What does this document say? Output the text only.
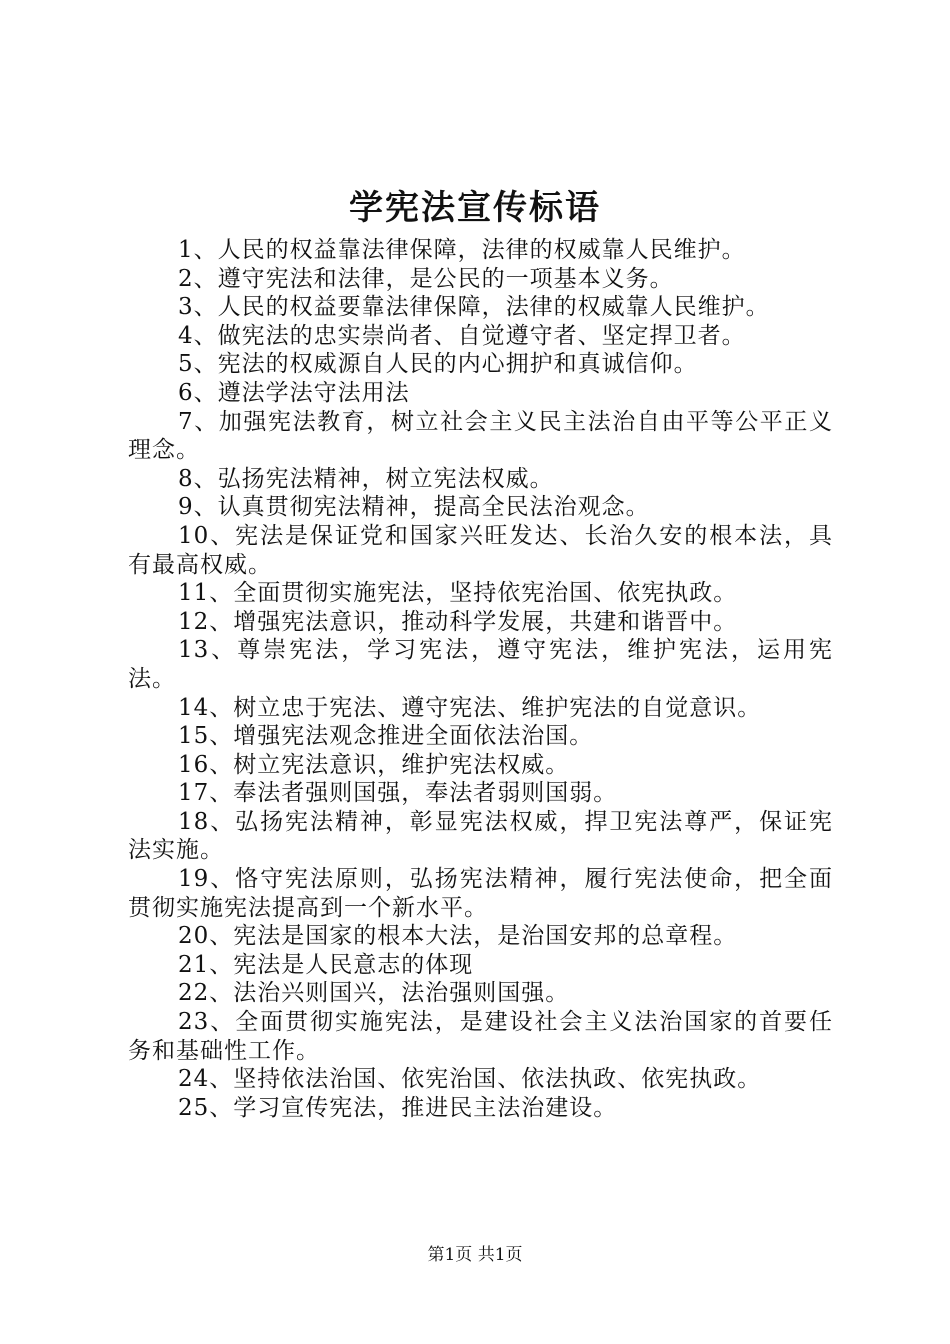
学宪法宣传标语

1、人民的权益靠法律保障，法律的权威靠人民维护。

2、遵守宪法和法律，是公民的一项基本义务。

3、人民的权益要靠法律保障，法律的权威靠人民维护。

4、做宪法的忠实崇尚者、自觉遵守者、坚定捍卫者。

5、宪法的权威源自人民的内心拥护和真诚信仰。

6、遵法学法守法用法

7、加强宪法教育，树立社会主义民主法治自由平等公平正义理念。

8、弘扬宪法精神，树立宪法权威。

9、认真贯彻宪法精神，提高全民法治观念。

10、宪法是保证党和国家兴旺发达、长治久安的根本法，具有最高权威。

11、全面贯彻实施宪法，坚持依宪治国、依宪执政。

12、增强宪法意识，推动科学发展，共建和谐晋中。

13、尊崇宪法，学习宪法，遵守宪法，维护宪法，运用宪法。

14、树立忠于宪法、遵守宪法、维护宪法的自觉意识。

15、增强宪法观念推进全面依法治国。

16、树立宪法意识，维护宪法权威。

17、奉法者强则国强，奉法者弱则国弱。

18、弘扬宪法精神，彰显宪法权威，捍卫宪法尊严，保证宪法实施。

19、恪守宪法原则，弘扬宪法精神，履行宪法使命，把全面贯彻实施宪法提高到一个新水平。

20、宪法是国家的根本大法，是治国安邦的总章程。

21、宪法是人民意志的体现

22、法治兴则国兴，法治强则国强。

23、全面贯彻实施宪法，是建设社会主义法治国家的首要任务和基础性工作。

24、坚持依法治国、依宪治国、依法执政、依宪执政。

25、学习宣传宪法，推进民主法治建设。

第1页 共1页
